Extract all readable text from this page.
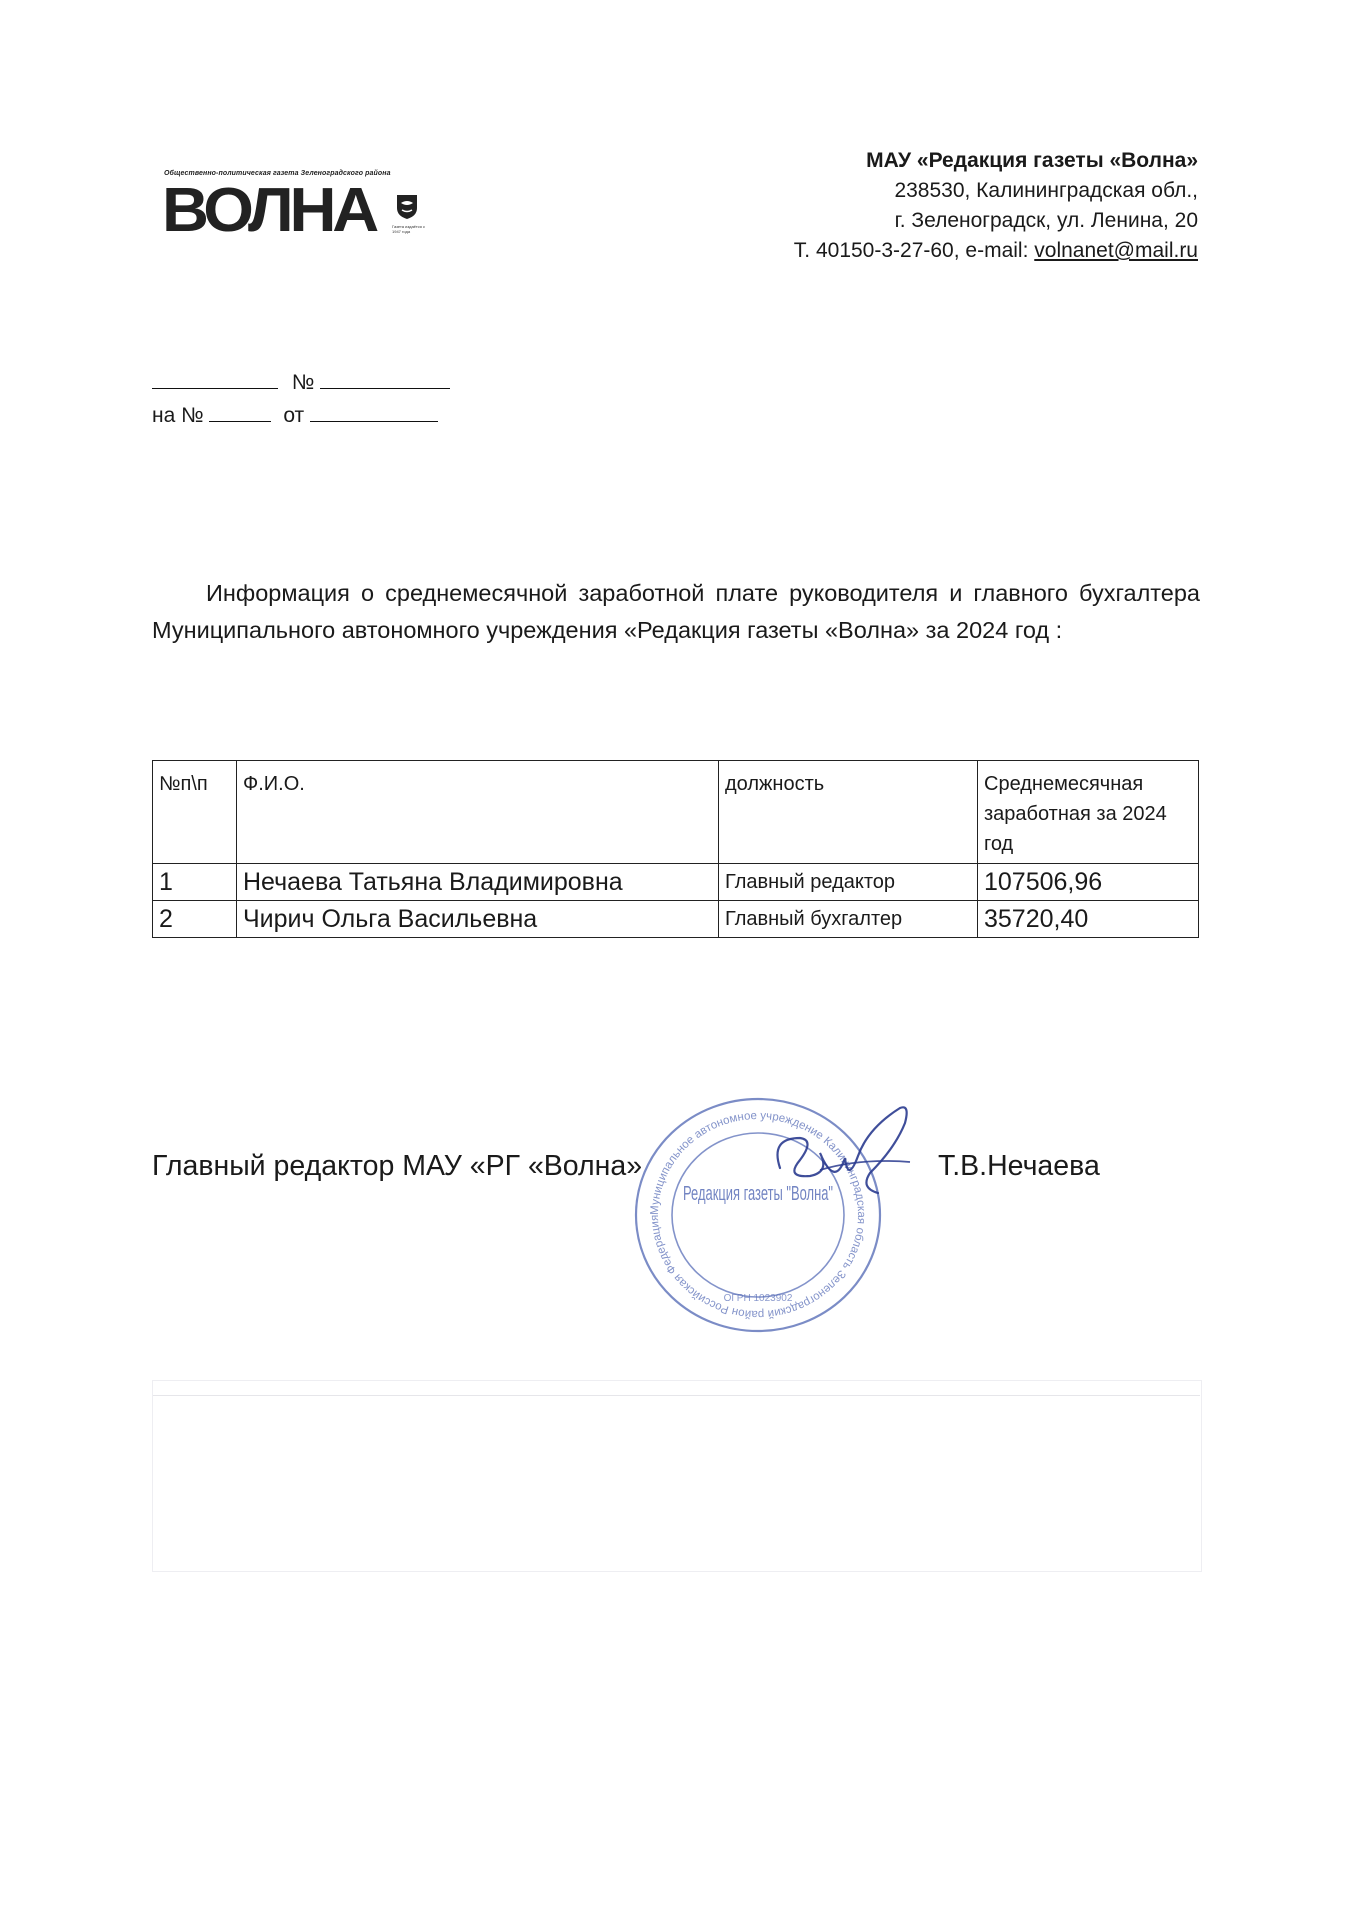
Общественно-политическая газета Зеленоградского района
ВОЛНА	Газета издаётся с 1947 года
МАУ «Редакция газеты «Волна»
238530, Калининградская обл.,
г. Зеленоградск, ул. Ленина, 20
Т. 40150-3-27-60, e-mail: volnanet@mail.ru
№
на №	от
Информация о среднемесячной заработной плате руководителя и главного бухгалтера Муниципального автономного учреждения «Редакция газеты «Волна» за 2024 год :
№п\п	Ф.И.О.	должность	Среднемесячная заработная за 2024 год
1	Нечаева Татьяна Владимировна	Главный редактор	107506,96
2	Чирич Ольга Васильевна	Главный бухгалтер	35720,40
Главный редактор МАУ «РГ «Волна»	Т.В.Нечаева
Муниципальное автономное учреждение Калининградская область Зеленоградский район Российская Федерация
Редакция газеты "Волна"
ОГРН 1023902
